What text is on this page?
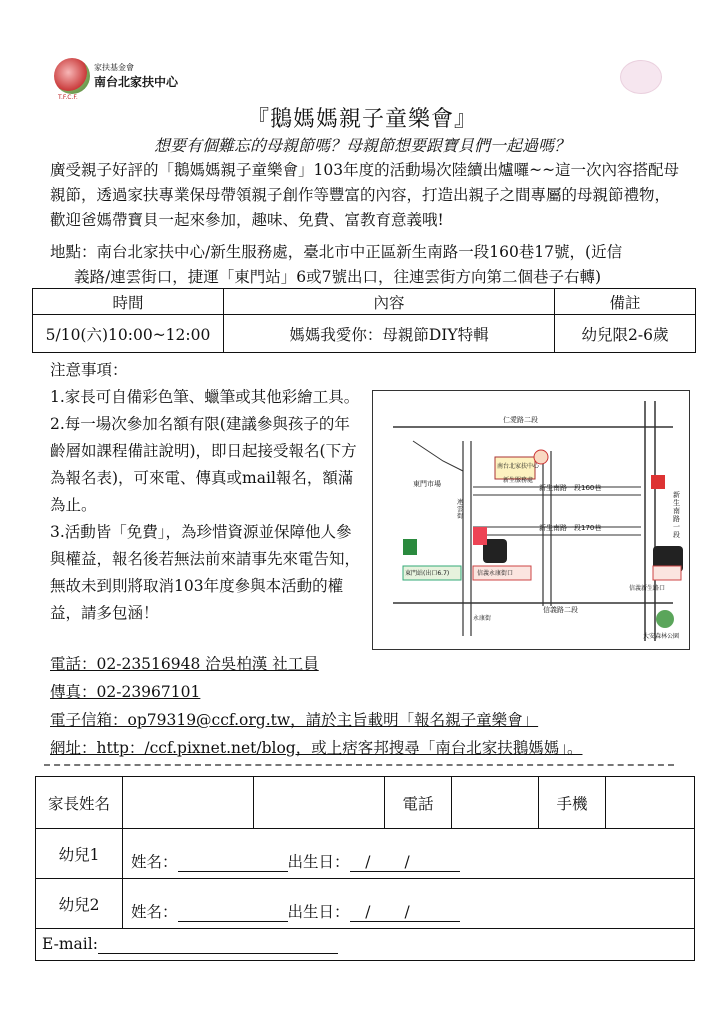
家扶基金會
南台北家扶中心
T.F.C.F.
『鵝媽媽親子童樂會』
想要有個難忘的母親節嗎？母親節想要跟寶貝們一起過嗎？
廣受親子好評的「鵝媽媽親子童樂會」103年度的活動場次陸續出爐囉~~這一次內容搭配母親節，透過家扶專業保母帶領親子創作等豐富的內容，打造出親子之間專屬的母親節禮物，歡迎爸媽帶寶貝一起來參加，趣味、免費、富教育意義哦!
地點：南台北家扶中心/新生服務處，臺北市中正區新生南路一段160巷17號，(近信
義路/連雲街口，捷運「東門站」6或7號出口，往連雲街方向第二個巷子右轉)
時間	內容	備註
5/10(六)10:00~12:00	媽媽我愛你：母親節DIY特輯	幼兒限2-6歲
注意事項：
1.家長可自備彩色筆、蠟筆或其他彩繪工具。
2.每一場次參加名額有限(建議參與孩子的年齡層如課程備註說明)，即日起接受報名(下方為報名表)，可來電、傳真或mail報名，額滿為止。
3.活動皆「免費」，為珍惜資源並保障他人參與權益，報名後若無法前來請事先來電告知，無故未到則將取消103年度參與本活動的權益，請多包涵！
仁愛路二段
南台北家扶中心
新生服務處
新生南路一段160巷
新生南路一段170巷
信義路二段
東門市場
東門站(出口6.7)	信義永康街口
信義新生路口
大安森林公園
新生南路一段
永康街
連雲街
電話：02-23516948 洽吳柏漢 社工員
傳真：02-23967101
電子信箱：op79319@ccf.org.tw，請於主旨載明「報名親子童樂會」
網址：http：/ccf.pixnet.net/blog，或上痞客邦搜尋「南台北家扶鵝媽媽」。
家長姓名			電話		手機	
幼兒1	姓名： 出生日： //					
幼兒2	姓名： 出生日： //					
E-mail:						
